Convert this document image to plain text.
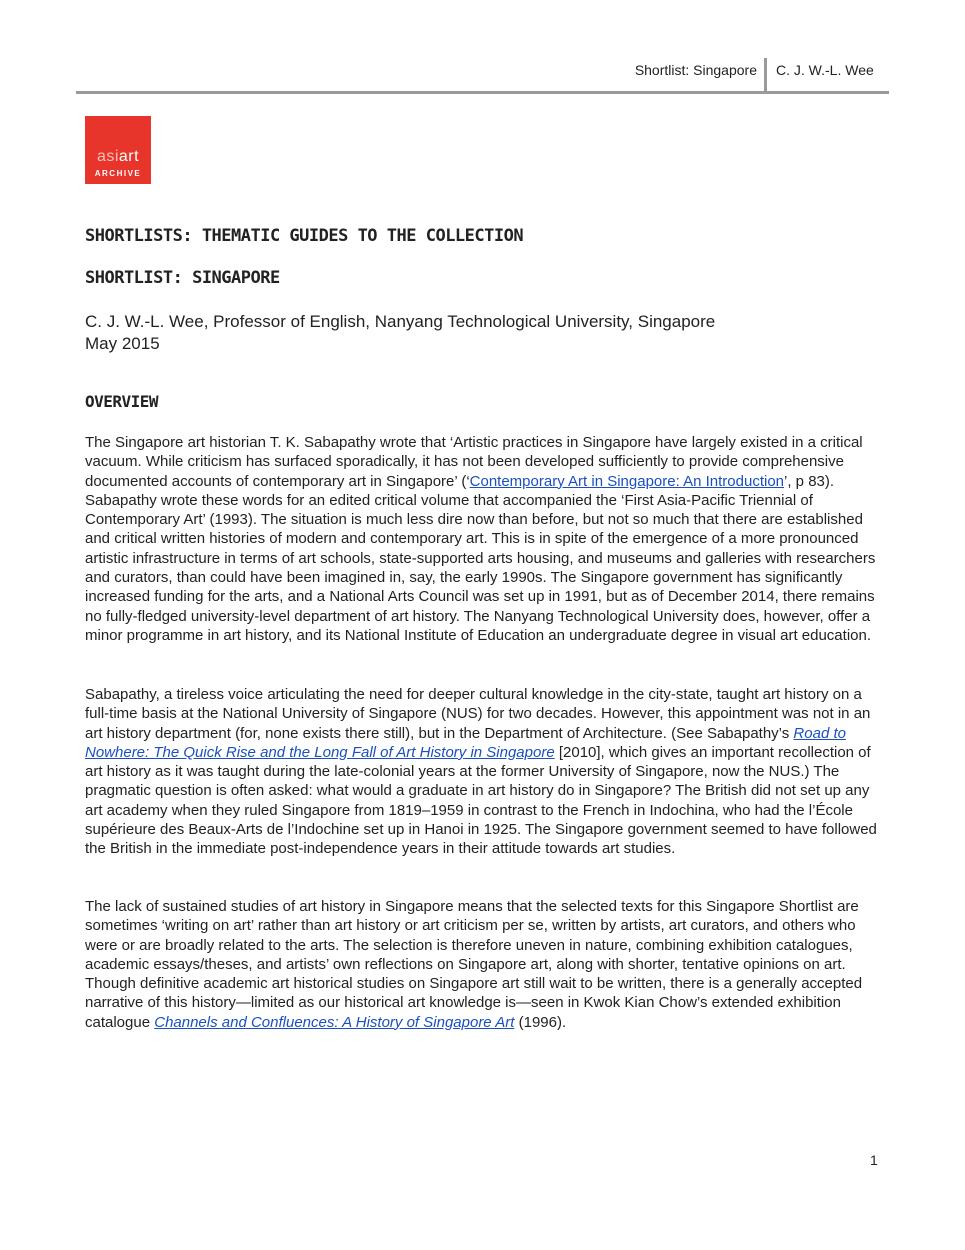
Shortlist: Singapore C. J. W.-L. Wee
asiart
ARCHIVE
SHORTLISTS: THEMATIC GUIDES TO THE COLLECTION
SHORTLIST: SINGAPORE
C. J. W.-L. Wee, Professor of English, Nanyang Technological University, Singapore
May 2015
OVERVIEW
The Singapore art historian T. K. Sabapathy wrote that ‘Artistic practices in Singapore have largely existed in a critical vacuum. While criticism has surfaced sporadically, it has not been developed sufficiently to provide comprehensive documented accounts of contemporary art in Singapore’ (‘Contemporary Art in Singapore: An Introduction’, p 83). Sabapathy wrote these words for an edited critical volume that accompanied the ‘First Asia-Pacific Triennial of Contemporary Art’ (1993). The situation is much less dire now than before, but not so much that there are established and critical written histories of modern and contemporary art. This is in spite of the emergence of a more pronounced artistic infrastructure in terms of art schools, state-supported arts housing, and museums and galleries with researchers and curators, than could have been imagined in, say, the early 1990s. The Singapore government has significantly increased funding for the arts, and a National Arts Council was set up in 1991, but as of December 2014, there remains no fully-fledged university-level department of art history. The Nanyang Technological University does, however, offer a minor programme in art history, and its National Institute of Education an undergraduate degree in visual art education.
Sabapathy, a tireless voice articulating the need for deeper cultural knowledge in the city-state, taught art history on a full-time basis at the National University of Singapore (NUS) for two decades. However, this appointment was not in an art history department (for, none exists there still), but in the Department of Architecture. (See Sabapathy’s Road to Nowhere: The Quick Rise and the Long Fall of Art History in Singapore [2010], which gives an important recollection of art history as it was taught during the late-colonial years at the former University of Singapore, now the NUS.) The pragmatic question is often asked: what would a graduate in art history do in Singapore? The British did not set up any art academy when they ruled Singapore from 1819–1959 in contrast to the French in Indochina, who had the l’École supérieure des Beaux-Arts de l’Indochine set up in Hanoi in 1925. The Singapore government seemed to have followed the British in the immediate post-independence years in their attitude towards art studies.
The lack of sustained studies of art history in Singapore means that the selected texts for this Singapore Shortlist are sometimes ‘writing on art’ rather than art history or art criticism per se, written by artists, art curators, and others who were or are broadly related to the arts. The selection is therefore uneven in nature, combining exhibition catalogues, academic essays/theses, and artists’ own reflections on Singapore art, along with shorter, tentative opinions on art. Though definitive academic art historical studies on Singapore art still wait to be written, there is a generally accepted narrative of this history—limited as our historical art knowledge is—seen in Kwok Kian Chow’s extended exhibition catalogue Channels and Confluences: A History of Singapore Art (1996).
1
